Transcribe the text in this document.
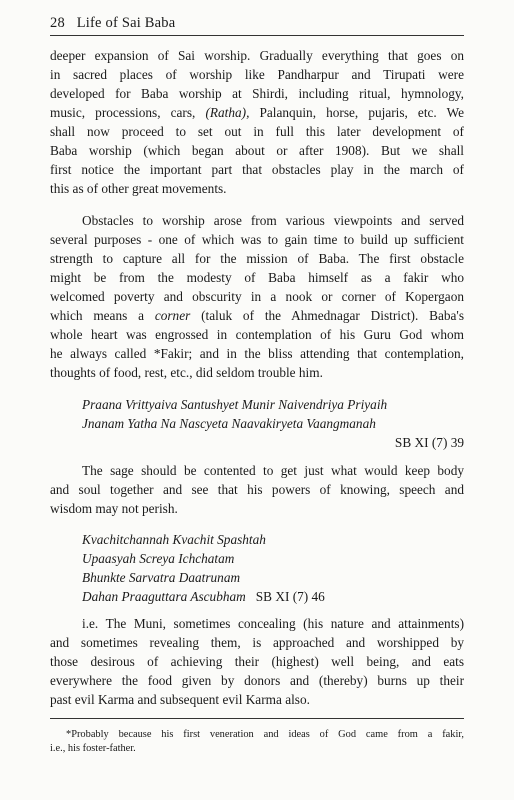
28 Life of Sai Baba
deeper expansion of Sai worship. Gradually everything that goes on
in sacred places of worship like Pandharpur and Tirupati were
developed for Baba worship at Shirdi, including ritual, hymnology,
music, processions, cars, (Ratha), Palanquin, horse, pujaris, etc. We
shall now proceed to set out in full this later development of
Baba worship (which began about or after 1908). But we shall
first notice the important part that obstacles play in the march of
this as of other great movements.
Obstacles to worship arose from various viewpoints and served
several purposes - one of which was to gain time to build up sufficient
strength to capture all for the mission of Baba. The first obstacle
might be from the modesty of Baba himself as a fakir who
welcomed poverty and obscurity in a nook or corner of Kopergaon
which means a corner (taluk of the Ahmednagar District). Baba's
whole heart was engrossed in contemplation of his Guru God whom
he always called *Fakir; and in the bliss attending that contemplation,
thoughts of food, rest, etc., did seldom trouble him.
Praana Vrittyaiva Santushyet Munir Naivendriya Priyaih
Jnanam Yatha Na Nascyeta Naavakiryeta Vaangmanah
SB XI (7) 39
The sage should be contented to get just what would keep body
and soul together and see that his powers of knowing, speech and
wisdom may not perish.
Kvachitchannah Kvachit Spashtah
Upaasyah Screya Ichchatam
Bhunkte Sarvatra Daatrunam
Dahan Praaguttara Ascubham SB XI (7) 46
i.e. The Muni, sometimes concealing (his nature and attainments)
and sometimes revealing them, is approached and worshipped by
those desirous of achieving their (highest) well being, and eats
everywhere the food given by donors and (thereby) burns up their
past evil Karma and subsequent evil Karma also.
*Probably because his first veneration and ideas of God came from a fakir,
i.e., his foster-father.
